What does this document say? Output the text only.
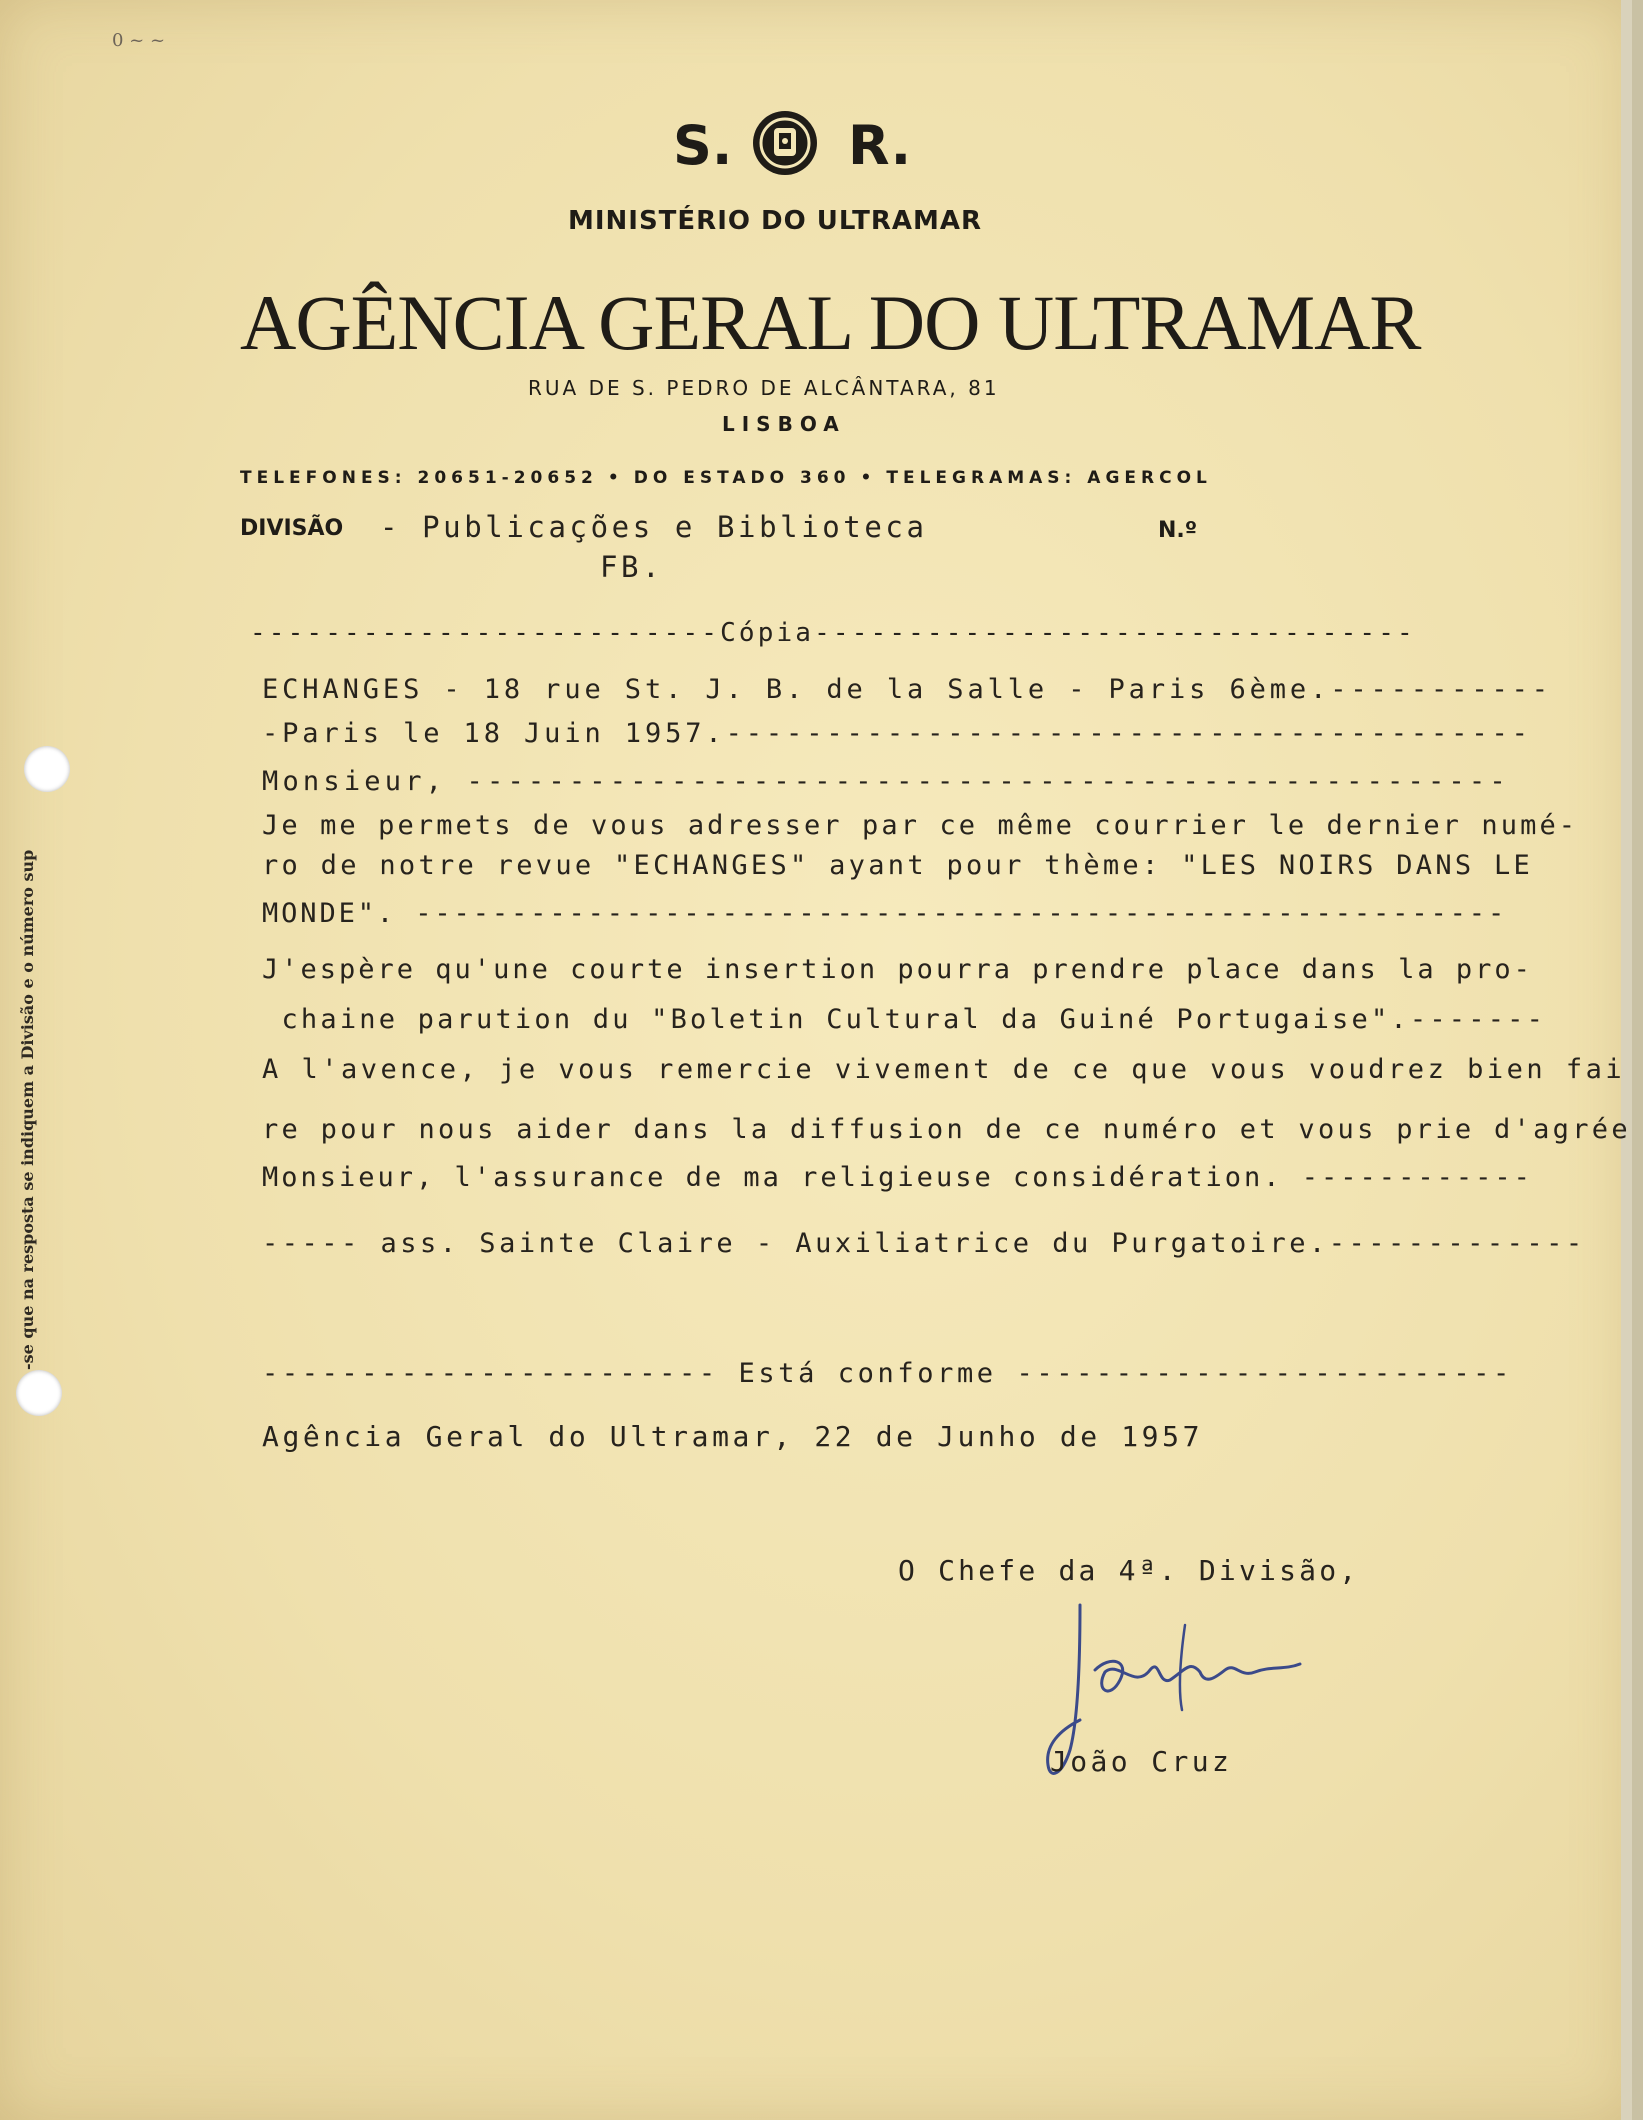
0 ~ ~
-se que na resposta se indiquem a Divisão e o número sup
S. R.
MINISTÉRIO DO ULTRAMAR
AGÊNCIA GERAL DO ULTRAMAR
RUA DE S. PEDRO DE ALCÂNTARA, 81
LISBOA
TELEFONES: 20651-20652 • DO ESTADO 360 • TELEGRAMAS: AGERCOL
DIVISÃO	N.º
- Publicações e Biblioteca
FB.
-------------------------Cópia--------------------------------
ECHANGES - 18 rue St. J. B. de la Salle - Paris 6ème.-----------
-Paris le 18 Juin 1957.----------------------------------------
Monsieur, ---------------------------------------------------
Je me permets de vous adresser par ce même courrier le dernier numé-
ro de notre revue "ECHANGES" ayant pour thème: "LES NOIRS DANS LE
MONDE". ---------------------------------------------------------
J'espère qu'une courte insertion pourra prendre place dans la pro-
chaine parution du "Boletin Cultural da Guiné Portugaise".-------
A l'avence, je vous remercie vivement de ce que vous voudrez bien fai
re pour nous aider dans la diffusion de ce numéro et vous prie d'agrée
Monsieur, l'assurance de ma religieuse considération. ------------
----- ass. Sainte Claire - Auxiliatrice du Purgatoire.-------------
----------------------- Está conforme -------------------------
Agência Geral do Ultramar, 22 de Junho de 1957
O Chefe da 4ª. Divisão,
João Cruz
